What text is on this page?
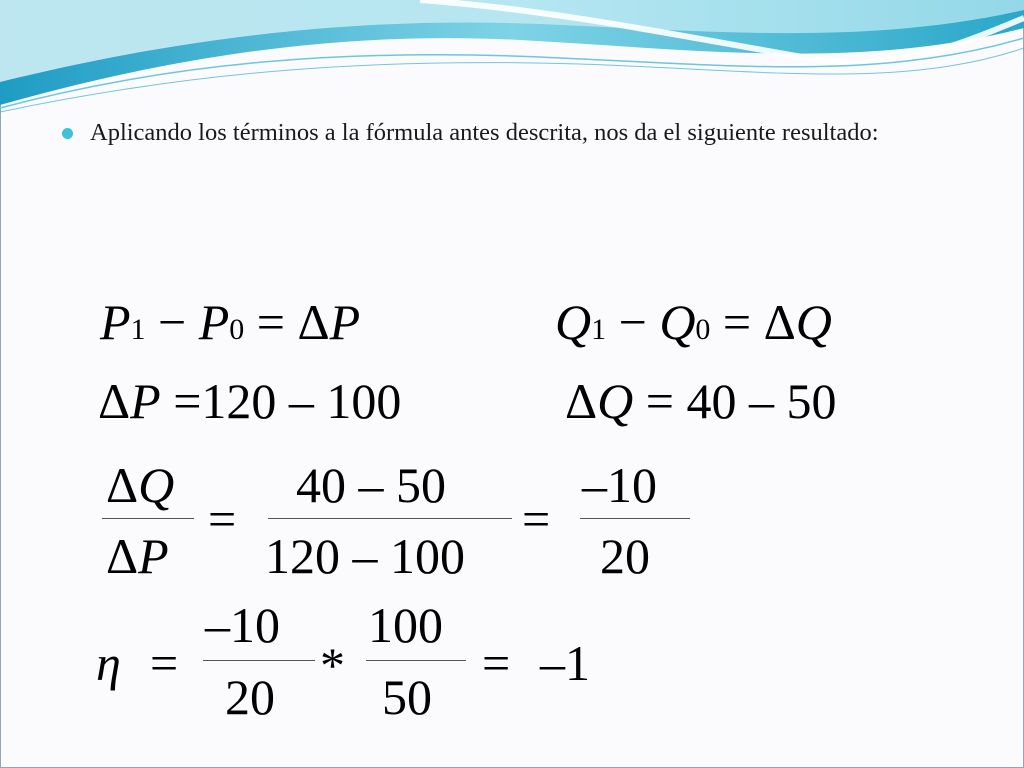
Aplicando los términos a la fórmula antes descrita, nos da el siguiente resultado:
P1 − P0 = ΔP	Q1 − Q0 = ΔQ
ΔP =120 – 100	ΔQ = 40 – 50
ΔQ
ΔP
=
40 – 50
120 – 100
=
–10
20
η =
–10
20
*
100
50
= –1
